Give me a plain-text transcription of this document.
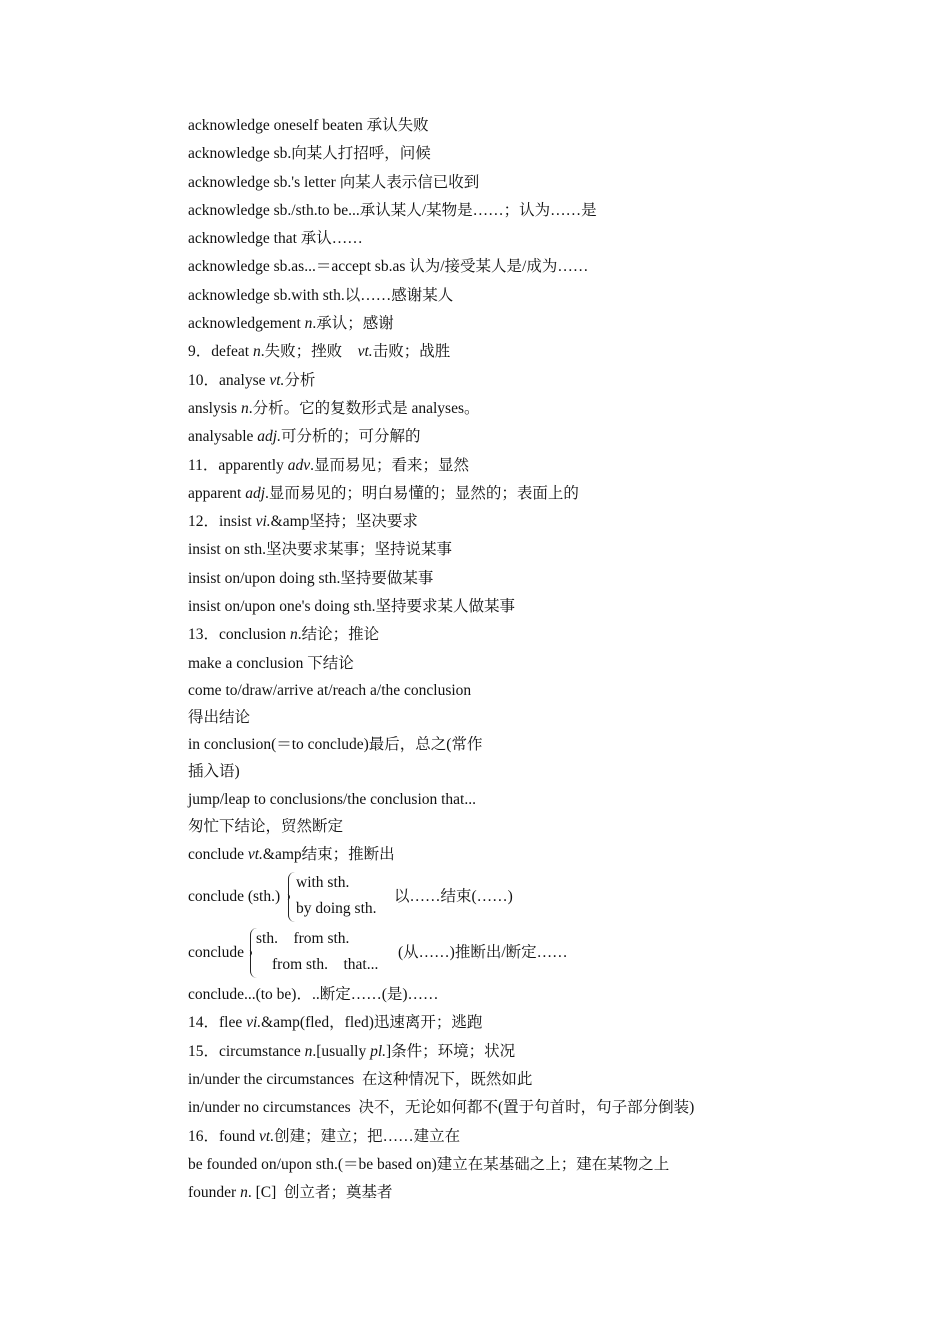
acknowledge oneself beaten 承认失败
acknowledge sb.向某人打招呼，问候
acknowledge sb.'s letter 向某人表示信已收到
acknowledge sb./sth.to be...承认某人/某物是……；认为……是
acknowledge that 承认……
acknowledge sb.as...＝accept sb.as 认为/接受某人是/成为……
acknowledge sb.with sth.以……感谢某人
acknowledgement n.承认；感谢
9．defeat n.失败；挫败　vt.击败；战胜
10．analyse vt.分析
anslysis n.分析。它的复数形式是 analyses。
analysable adj.可分析的；可分解的
11．apparently adv.显而易见；看来；显然
apparent adj.显而易见的；明白易懂的；显然的；表面上的
12．insist vi.&amp坚持；坚决要求
insist on sth.坚决要求某事；坚持说某事
insist on/upon doing sth.坚持要做某事
insist on/upon one's doing sth.坚持要求某人做某事
13．conclusion n.结论；推论
make a conclusion 下结论
come to/draw/arrive at/reach a/the conclusion
得出结论
in conclusion(＝to conclude)最后，总之(常作
插入语)
jump/leap to conclusions/the conclusion that...
匆忙下结论，贸然断定
conclude vt.&amp结束；推断出
conclude (sth.)
with sth.
by doing sth.
以……结束(……)
conclude
sth.    from sth.
from sth.    that...
(从……)推断出/断定……
conclude...(to be)．..断定……(是)……
14．flee vi.&amp(fled，fled)迅速离开；逃跑
15．circumstance n.[usually pl.]条件；环境；状况
in/under the circumstances  在这种情况下，既然如此
in/under no circumstances  决不，无论如何都不(置于句首时，句子部分倒装)
16．found vt.创建；建立；把……建立在
be founded on/upon sth.(＝be based on)建立在某基础之上；建在某物之上
founder n. [C]  创立者；奠基者
